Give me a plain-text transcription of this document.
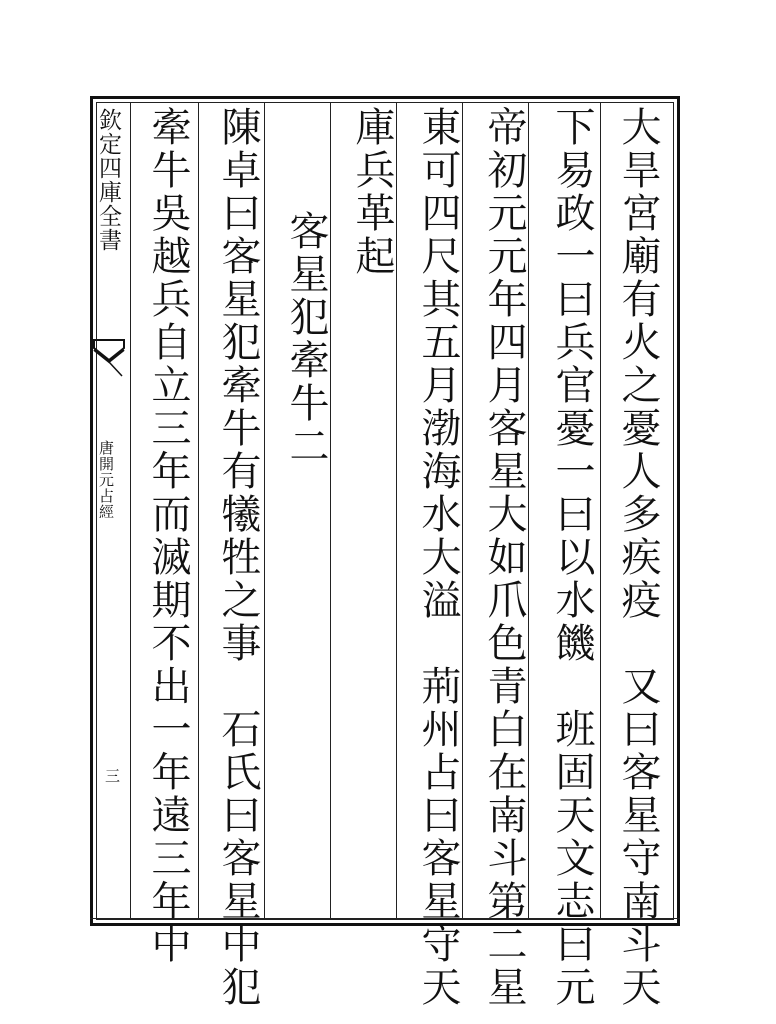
欽定四庫全書
唐開元占經
三	大旱宮廟有火之憂人多疾疫　又曰客星守南斗天
下易政一曰兵官憂一曰以水饑　班固天文志曰元
帝初元元年四月客星大如爪色青白在南斗第二星
東可四尺其五月渤海水大溢　荊州占曰客星守天
庫兵革起
客星犯牽牛二
陳卓曰客星犯牽牛有犧牲之事　石氏曰客星中犯
牽牛吳越兵自立三年而滅期不出一年遠三年中
